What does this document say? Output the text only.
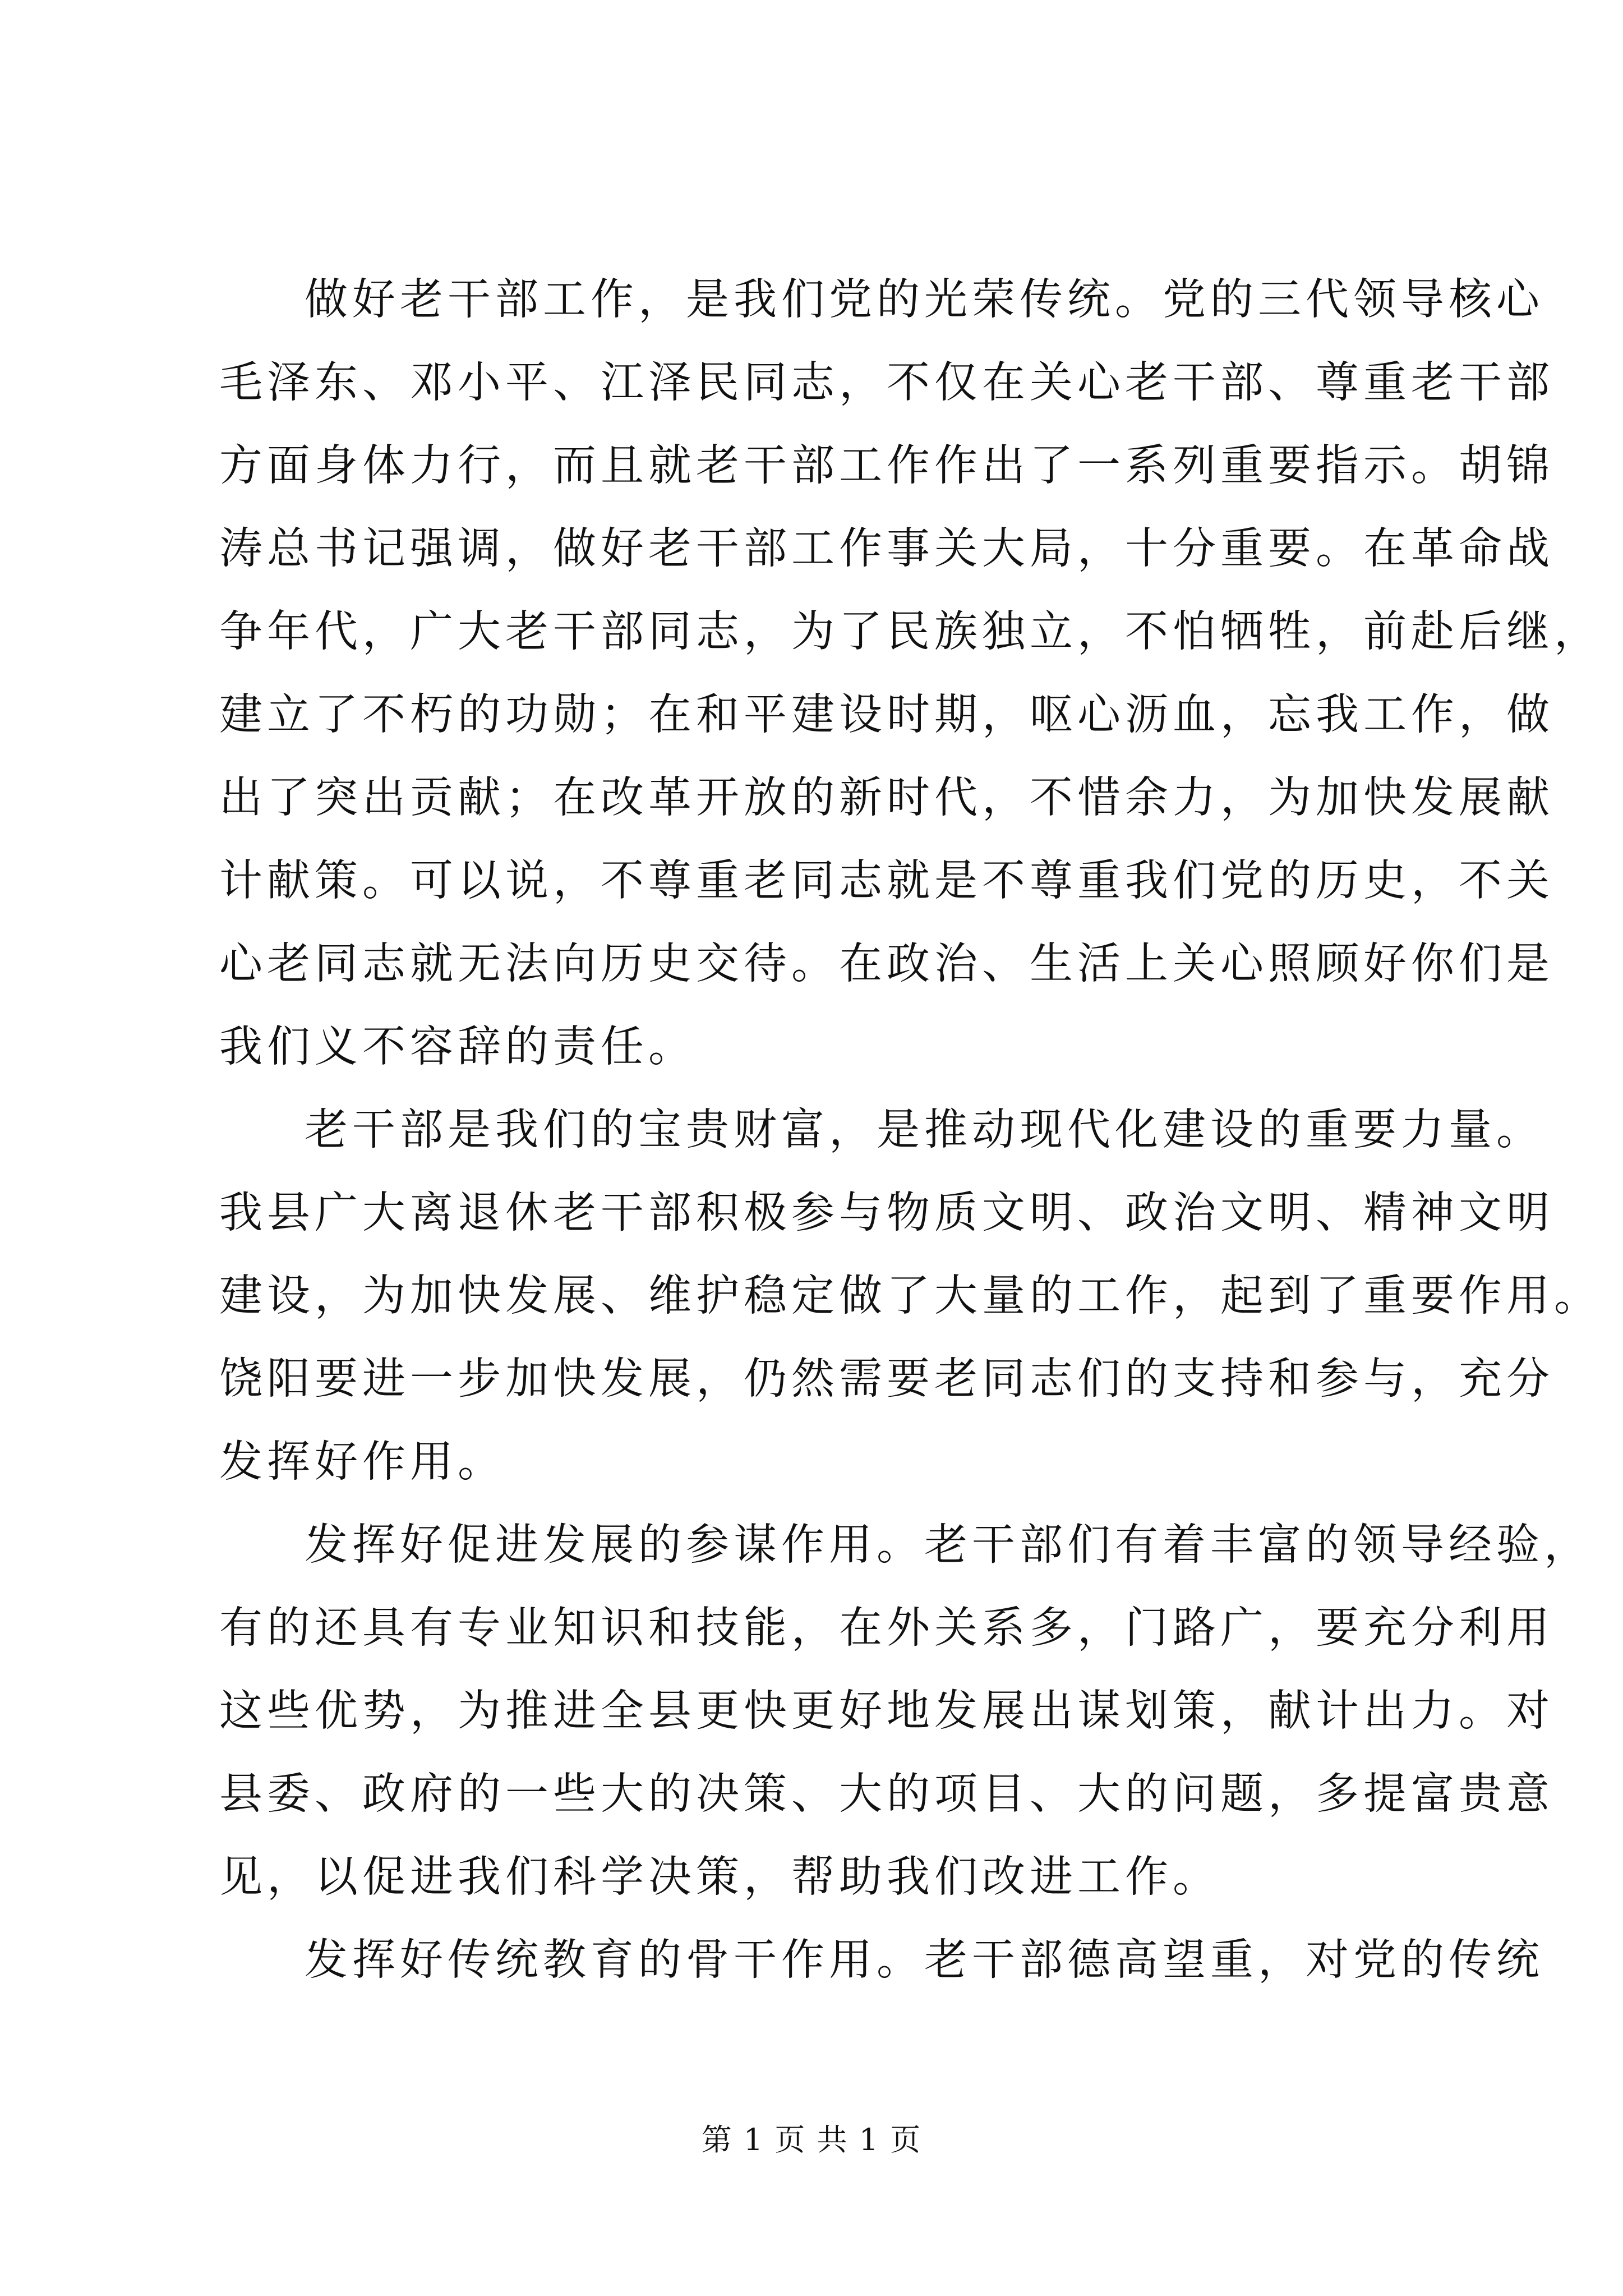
做好老干部工作，是我们党的光荣传统。党的三代领导核心
毛泽东、邓小平、江泽民同志，不仅在关心老干部、尊重老干部
方面身体力行，而且就老干部工作作出了一系列重要指示。胡锦
涛总书记强调，做好老干部工作事关大局，十分重要。在革命战
争年代，广大老干部同志，为了民族独立，不怕牺牲，前赴后继，
建立了不朽的功勋；在和平建设时期，呕心沥血，忘我工作，做
出了突出贡献；在改革开放的新时代，不惜余力，为加快发展献
计献策。可以说，不尊重老同志就是不尊重我们党的历史，不关
心老同志就无法向历史交待。在政治、生活上关心照顾好你们是
我们义不容辞的责任。
老干部是我们的宝贵财富，是推动现代化建设的重要力量。
我县广大离退休老干部积极参与物质文明、政治文明、精神文明
建设，为加快发展、维护稳定做了大量的工作，起到了重要作用。
饶阳要进一步加快发展，仍然需要老同志们的支持和参与，充分
发挥好作用。
发挥好促进发展的参谋作用。老干部们有着丰富的领导经验，
有的还具有专业知识和技能，在外关系多，门路广，要充分利用
这些优势，为推进全县更快更好地发展出谋划策，献计出力。对
县委、政府的一些大的决策、大的项目、大的问题，多提富贵意
见，以促进我们科学决策，帮助我们改进工作。
发挥好传统教育的骨干作用。老干部德高望重，对党的传统
第 1 页 共 1 页
